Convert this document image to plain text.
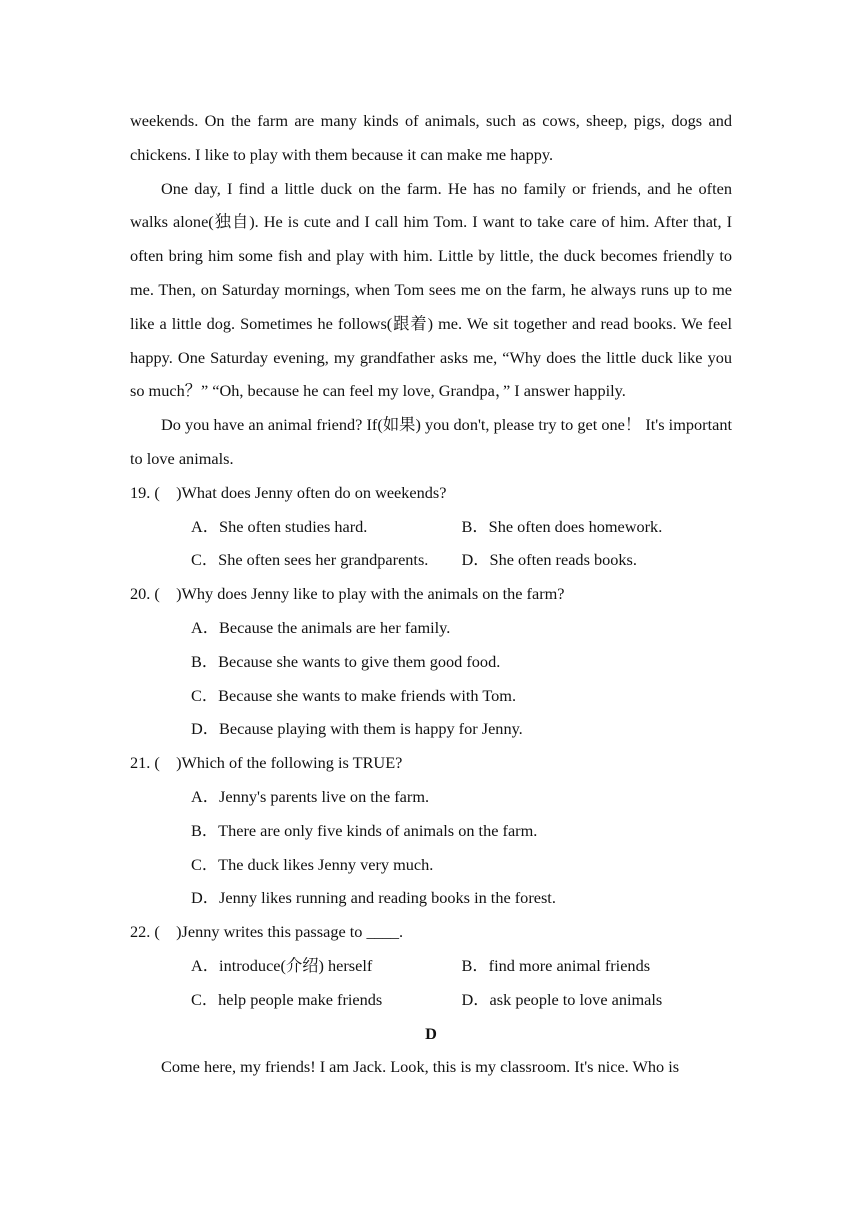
weekends. On the farm are many kinds of animals, such as cows, sheep, pigs, dogs and chickens. I like to play with them because it can make me happy.

One day, I find a little duck on the farm. He has no family or friends, and he often walks alone(独自). He is cute and I call him Tom. I want to take care of him. After that, I often bring him some fish and play with him. Little by little, the duck becomes friendly to me. Then, on Saturday mornings, when Tom sees me on the farm, he always runs up to me like a little dog. Sometimes he follows(跟着) me. We sit together and read books. We feel happy. One Saturday evening, my grandfather asks me, “Why does the little duck like you so much？” “Oh, because he can feel my love, Grandpa，” I answer happily.

Do you have an animal friend? If(如果) you don't, please try to get one！ It's important to love animals.

19. (　)What does Jenny often do on weekends?

A．She often studies hard.	B．She often does homework.
C．She often sees her grandparents.	D．She often reads books.

20. (　)Why does Jenny like to play with the animals on the farm?

A．Because the animals are her family.

B．Because she wants to give them good food.

C．Because she wants to make friends with Tom.

D．Because playing with them is happy for Jenny.

21. (　)Which of the following is TRUE?

A．Jenny's parents live on the farm.

B．There are only five kinds of animals on the farm.

C．The duck likes Jenny very much.

D．Jenny likes running and reading books in the forest.

22. (　)Jenny writes this passage to ____.

A．introduce(介绍) herself	B．find more animal friends
C．help people make friends	D．ask people to love animals

D

Come here, my friends! I am Jack. Look, this is my classroom. It's nice. Who is
